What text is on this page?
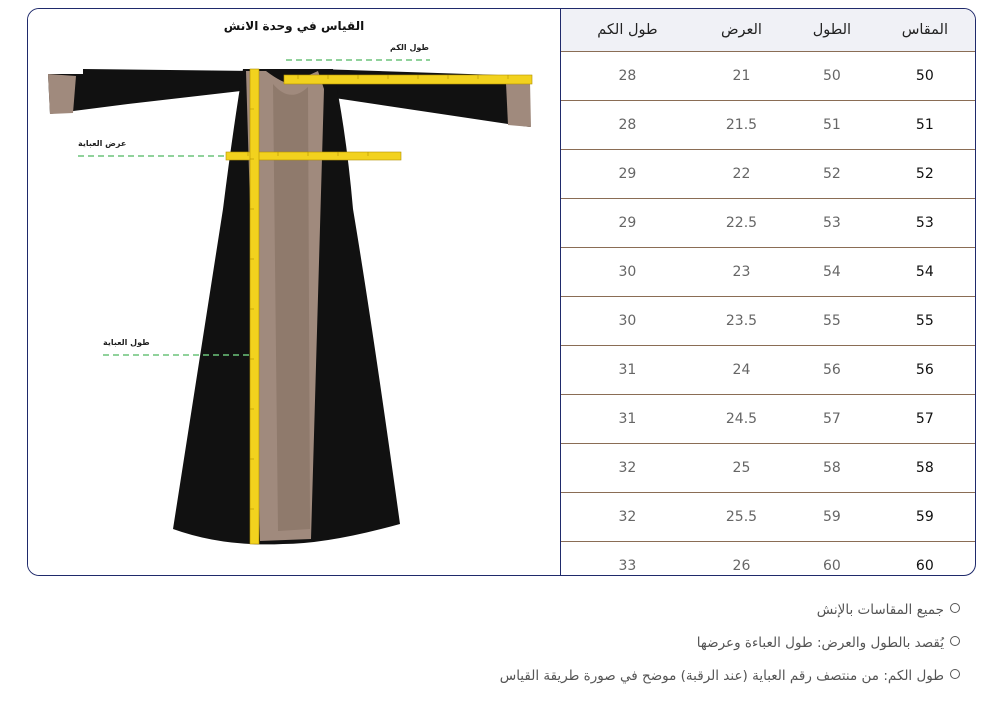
القياس في وحدة الانش
طول الكم
عرض العباية
طول العباية
المقاس	الطول	العرض	طول الكم
50	50	21	28
51	51	21.5	28
52	52	22	29
53	53	22.5	29
54	54	23	30
55	55	23.5	30
56	56	24	31
57	57	24.5	31
58	58	25	32
59	59	25.5	32
60	60	26	33
جميع المقاسات بالإنش
يُقصد بالطول والعرض: طول العباءة وعرضها
طول الكم: من منتصف رقم العباية (عند الرقبة) موضح في صورة طريقة القياس
